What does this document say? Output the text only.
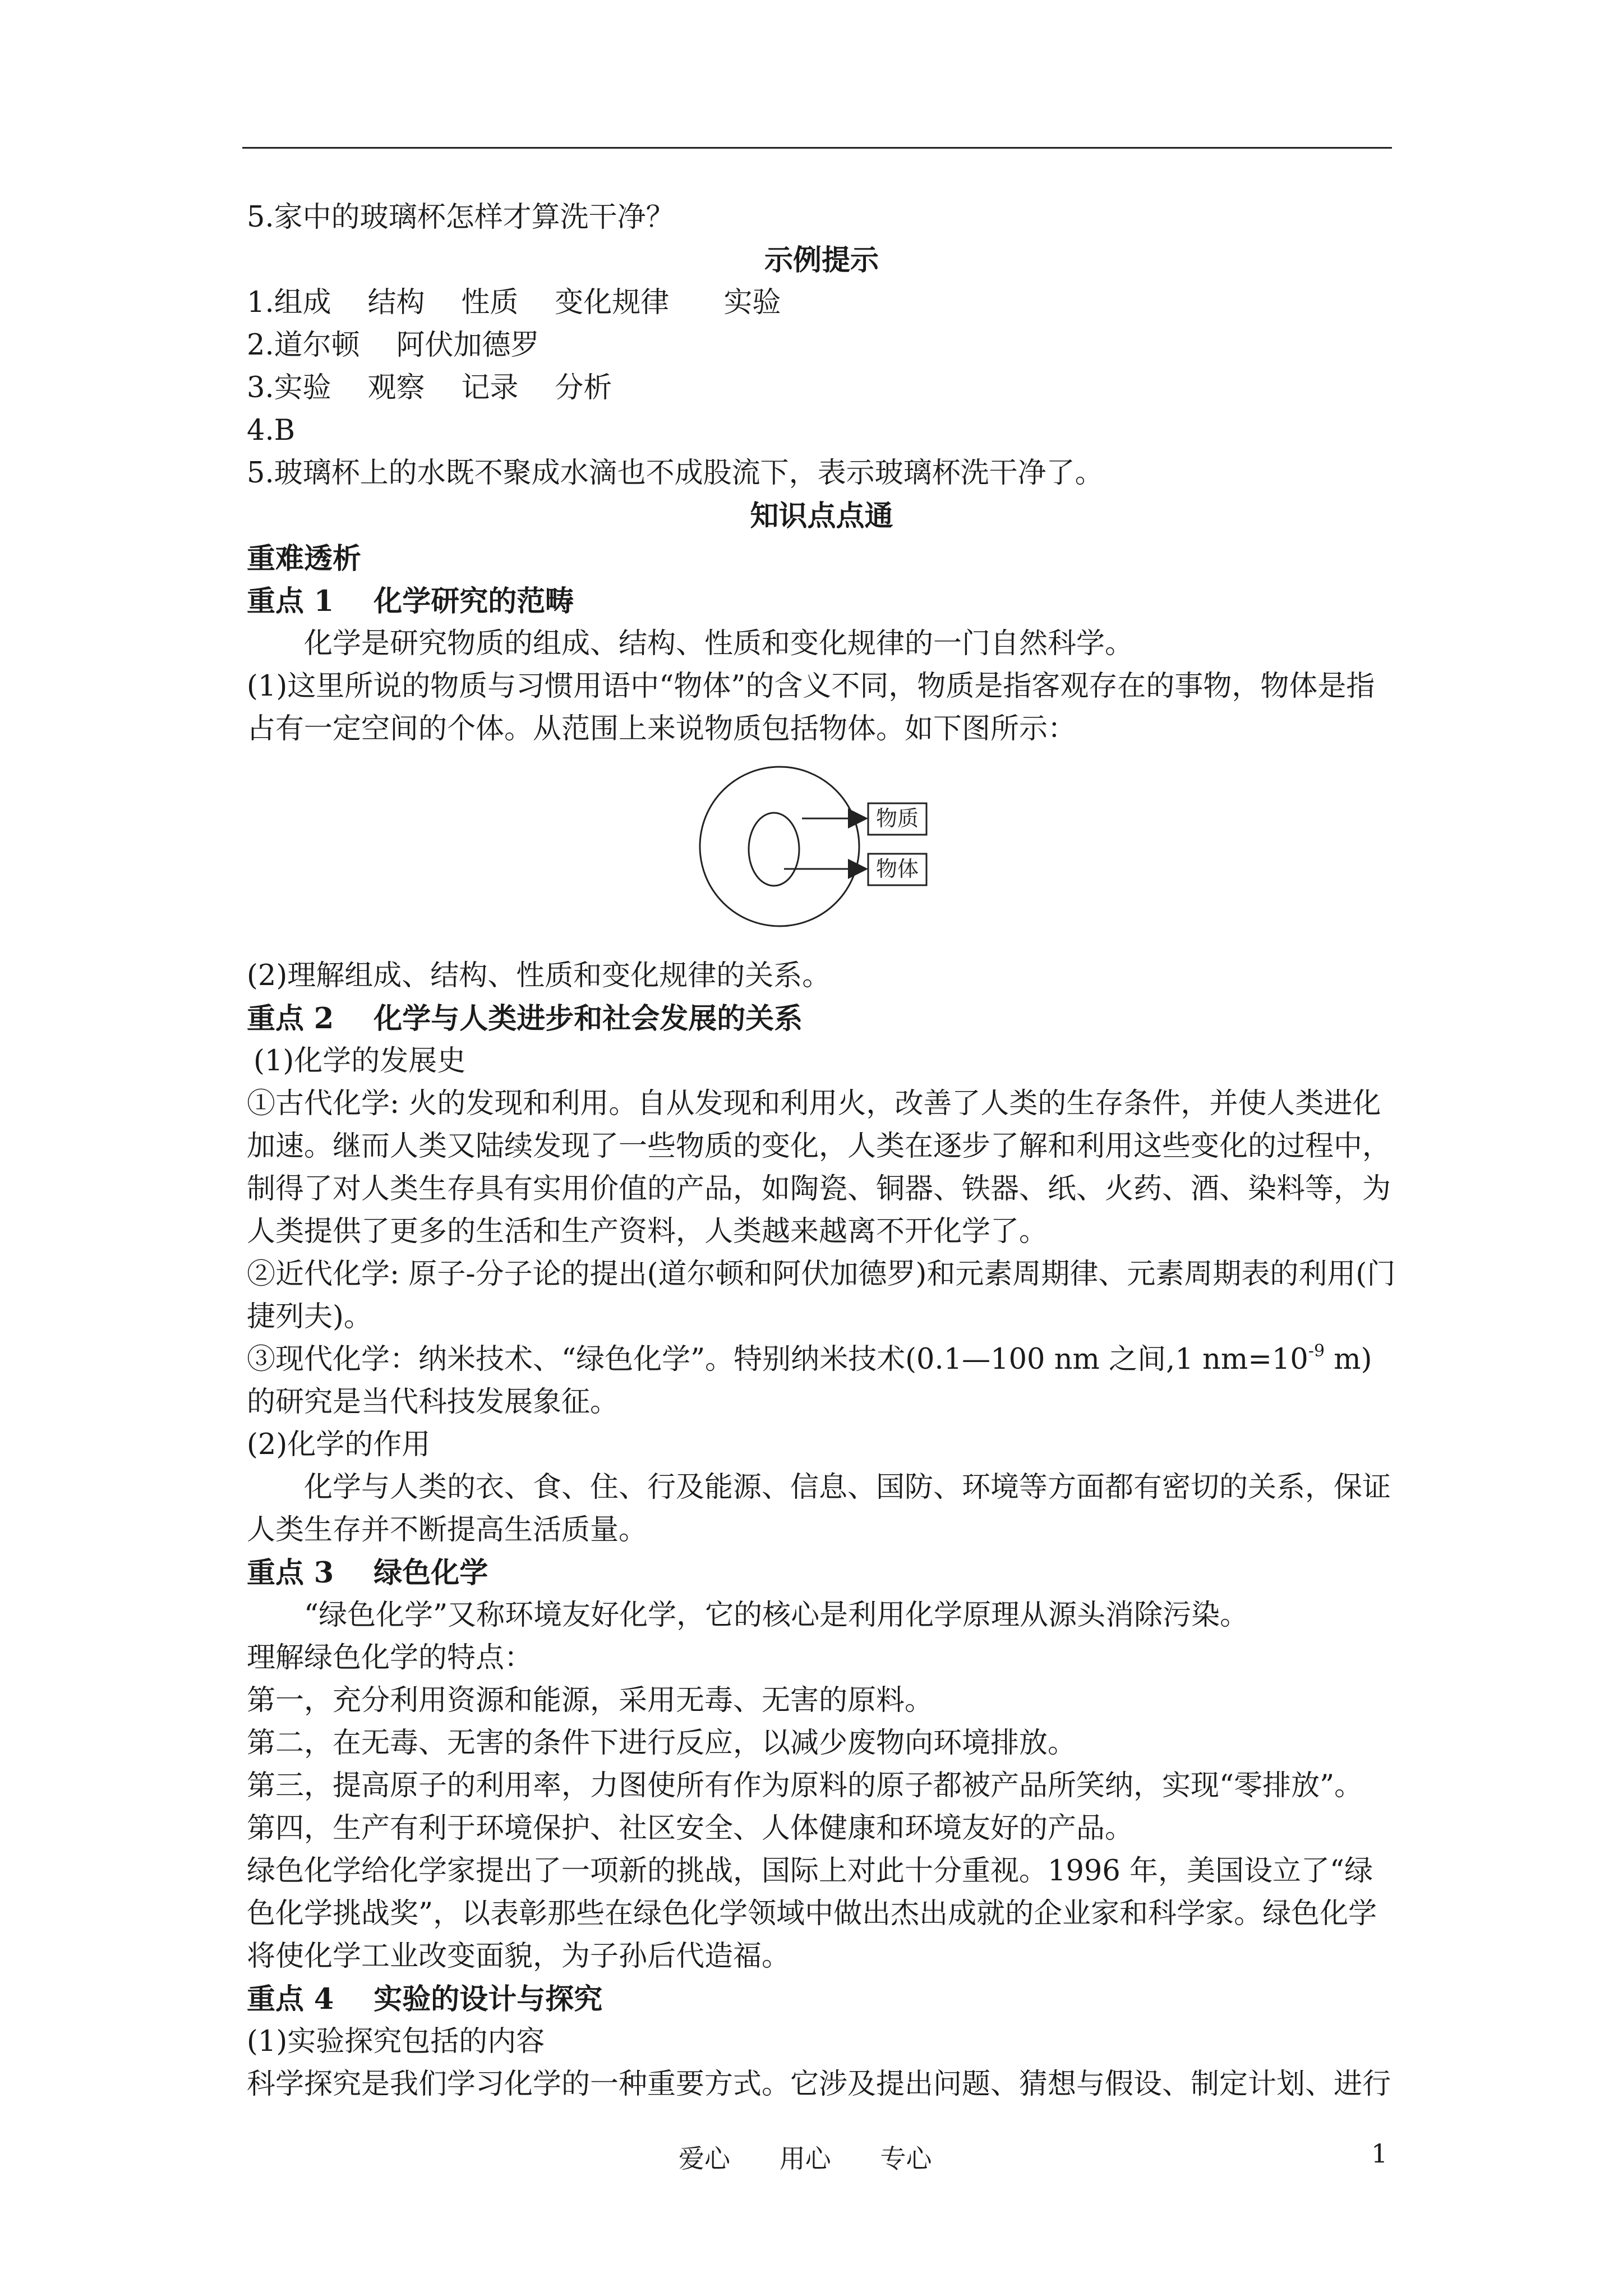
5.家中的玻璃杯怎样才算洗干净？

示例提示

1.组成    结构    性质    变化规律      实验

2.道尔顿    阿伏加德罗

3.实验    观察    记录    分析

4.B

5.玻璃杯上的水既不聚成水滴也不成股流下，表示玻璃杯洗干净了。

知识点点通

重难透析

重点 1    化学研究的范畴

化学是研究物质的组成、结构、性质和变化规律的一门自然科学。

(1)这里所说的物质与习惯用语中“物体”的含义不同，物质是指客观存在的事物，物体是指占有一定空间的个体。从范围上来说物质包括物体。如下图所示：

物质
物体

(2)理解组成、结构、性质和变化规律的关系。

重点 2    化学与人类进步和社会发展的关系

(1)化学的发展史

①古代化学: 火的发现和利用。自从发现和利用火，改善了人类的生存条件，并使人类进化加速。继而人类又陆续发现了一些物质的变化，人类在逐步了解和利用这些变化的过程中，制得了对人类生存具有实用价值的产品，如陶瓷、铜器、铁器、纸、火药、酒、染料等，为人类提供了更多的生活和生产资料，人类越来越离不开化学了。

②近代化学: 原子-分子论的提出(道尔顿和阿伏加德罗)和元素周期律、元素周期表的利用(门捷列夫)。

③现代化学：纳米技术、“绿色化学”。特别纳米技术(0.1—100 nm 之间,1 $nm=10^{-9}$ m)的研究是当代科技发展象征。

(2)化学的作用

化学与人类的衣、食、住、行及能源、信息、国防、环境等方面都有密切的关系，保证人类生存并不断提高生活质量。

重点 3    绿色化学

“绿色化学”又称环境友好化学，它的核心是利用化学原理从源头消除污染。

理解绿色化学的特点：

第一，充分利用资源和能源，采用无毒、无害的原料。

第二，在无毒、无害的条件下进行反应，以减少废物向环境排放。

第三，提高原子的利用率，力图使所有作为原料的原子都被产品所笑纳，实现“零排放”。

第四，生产有利于环境保护、社区安全、人体健康和环境友好的产品。

绿色化学给化学家提出了一项新的挑战，国际上对此十分重视。1996 年，美国设立了“绿色化学挑战奖”，以表彰那些在绿色化学领域中做出杰出成就的企业家和科学家。绿色化学将使化学工业改变面貌，为子孙后代造福。

重点 4    实验的设计与探究

(1)实验探究包括的内容

科学探究是我们学习化学的一种重要方式。它涉及提出问题、猜想与假设、制定计划、进行

爱心      用心      专心	1
